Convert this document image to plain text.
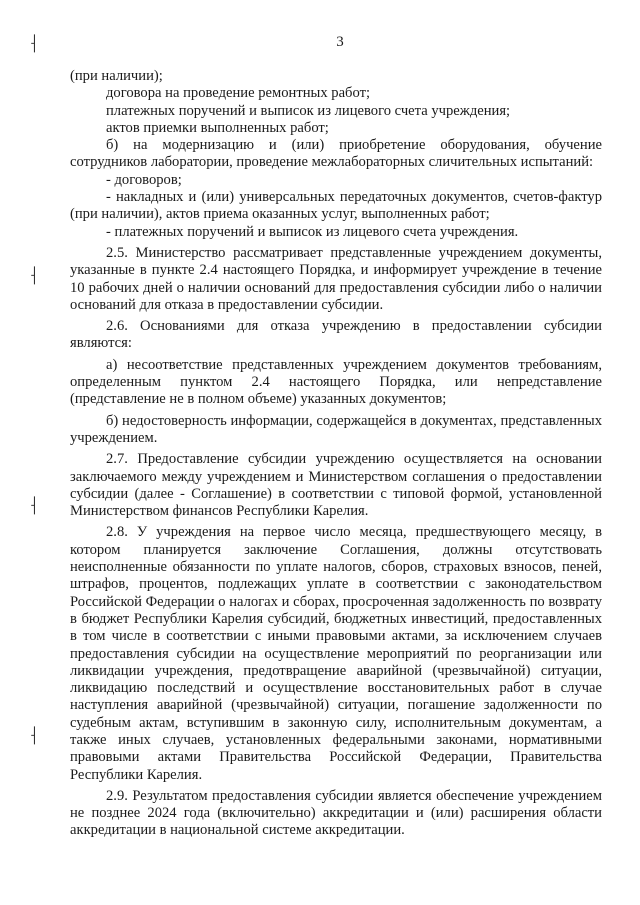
3
⸡
⸡
⸡
⸡

(при наличии);

договора на проведение ремонтных работ;

платежных поручений и выписок из лицевого счета учреждения;

актов приемки выполненных работ;

б) на модернизацию и (или) приобретение оборудования, обучение сотрудников лаборатории, проведение межлабораторных сличительных испытаний:

- договоров;

- накладных и (или) универсальных передаточных документов, счетов-фактур (при наличии), актов приема оказанных услуг, выполненных работ;

- платежных поручений и выписок из лицевого счета учреждения.

2.5. Министерство рассматривает представленные учреждением документы, указанные в пункте 2.4 настоящего Порядка, и информирует учреждение в течение 10 рабочих дней о наличии оснований для предоставления субсидии либо о наличии оснований для отказа в предоставлении субсидии.

2.6. Основаниями для отказа учреждению в предоставлении субсидии являются:

а) несоответствие представленных учреждением документов требованиям, определенным пунктом 2.4 настоящего Порядка, или непредставление (представление не в полном объеме) указанных документов;

б) недостоверность информации, содержащейся в документах, представленных учреждением.

2.7. Предоставление субсидии учреждению осуществляется на основании заключаемого между учреждением и Министерством соглашения о предоставлении субсидии (далее - Соглашение) в соответствии с типовой формой, установленной Министерством финансов Республики Карелия.

2.8. У учреждения на первое число месяца, предшествующего месяцу, в котором планируется заключение Соглашения, должны отсутствовать неисполненные обязанности по уплате налогов, сборов, страховых взносов, пеней, штрафов, процентов, подлежащих уплате в соответствии с законодательством Российской Федерации о налогах и сборах, просроченная задолженность по возврату в бюджет Республики Карелия субсидий, бюджетных инвестиций, предоставленных в том числе в соответствии с иными правовыми актами, за исключением случаев предоставления субсидии на осуществление мероприятий по реорганизации или ликвидации учреждения, предотвращение аварийной (чрезвычайной) ситуации, ликвидацию последствий и осуществление восстановительных работ в случае наступления аварийной (чрезвычайной) ситуации, погашение задолженности по судебным актам, вступившим в законную силу, исполнительным документам, а также иных случаев, установленных федеральными законами, нормативными правовыми актами Правительства Российской Федерации, Правительства Республики Карелия.

2.9. Результатом предоставления субсидии является обеспечение учреждением не позднее 2024 года (включительно) аккредитации и (или) расширения области аккредитации в национальной системе аккредитации.
